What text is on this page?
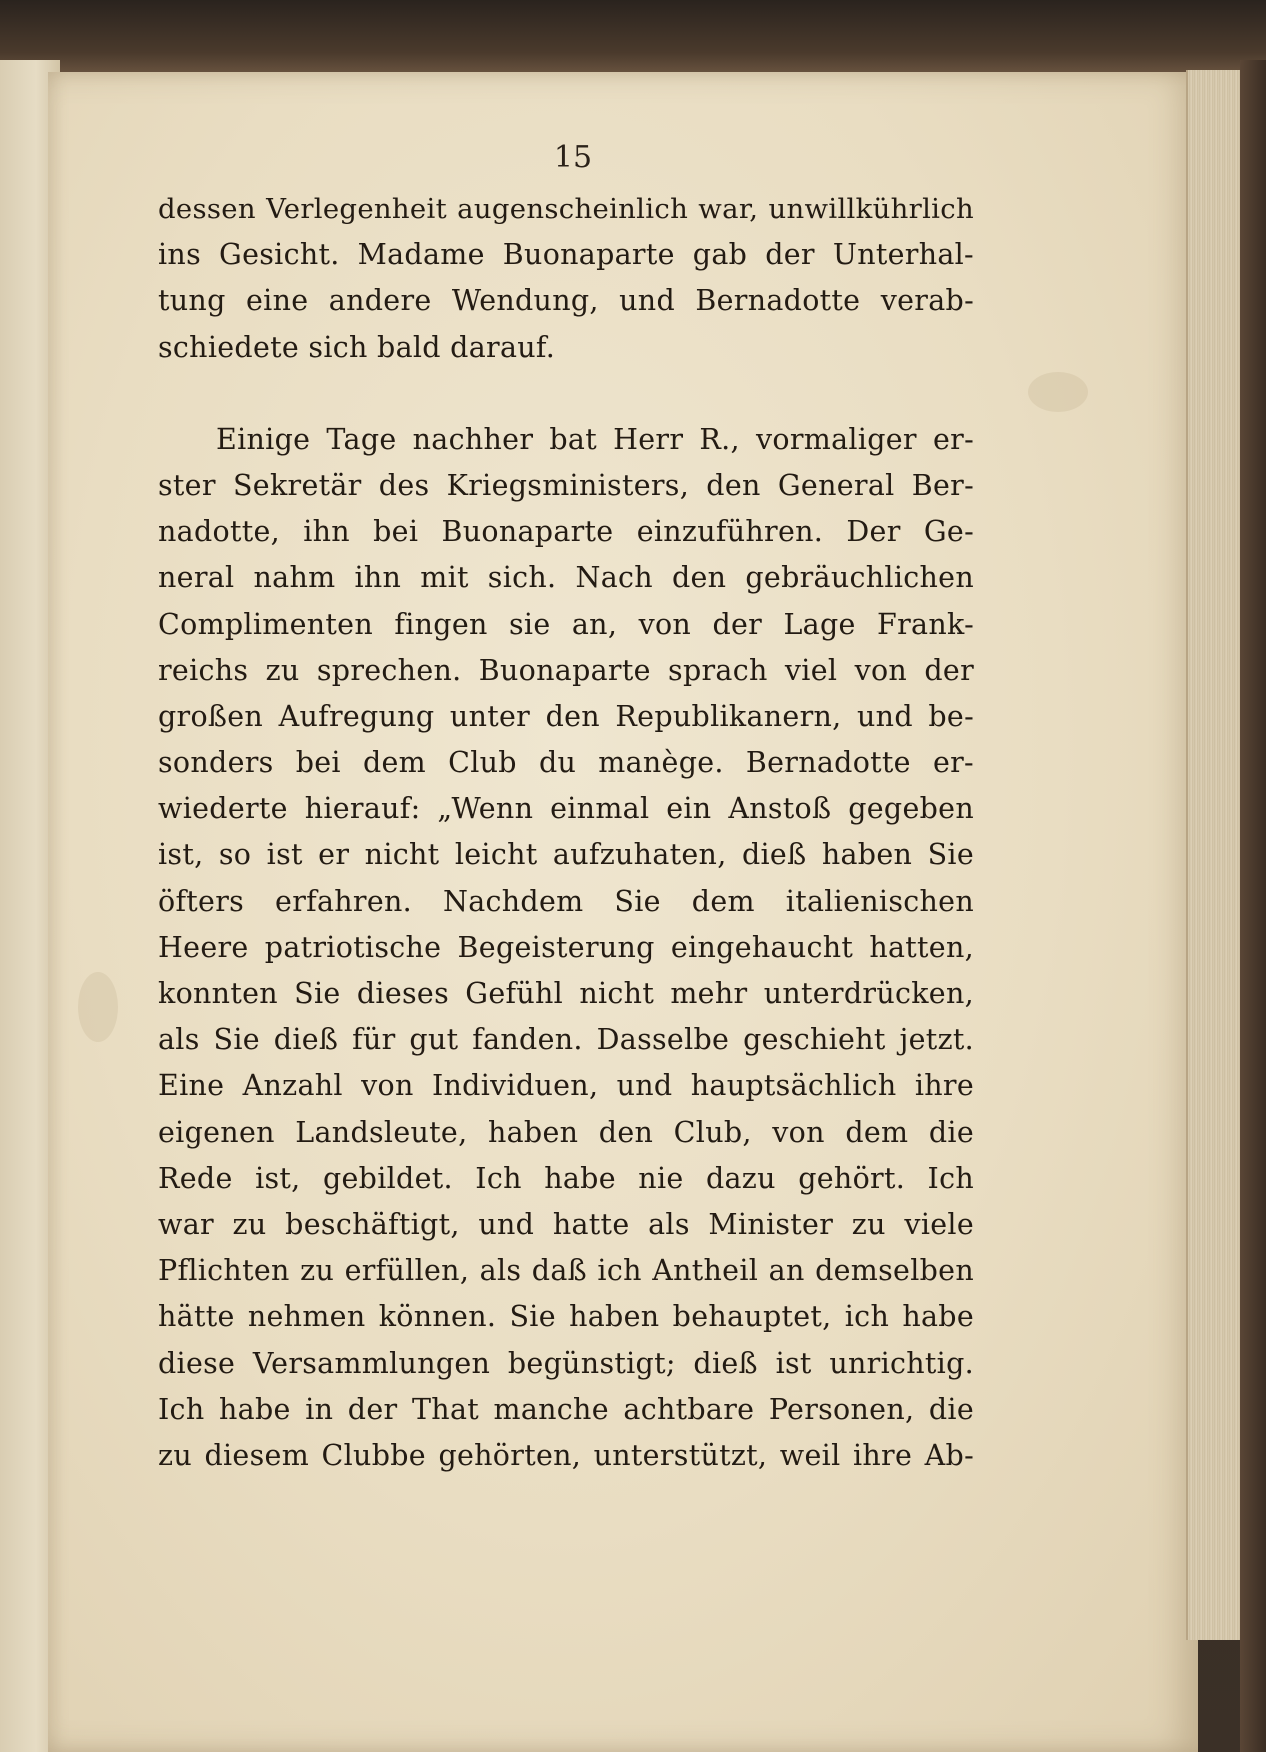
15
dessen Verlegenheit augenscheinlich war, unwillkührlich
ins Gesicht. Madame Buonaparte gab der Unterhal-
tung eine andere Wendung, und Bernadotte verab-
schiedete sich bald darauf.
Einige Tage nachher bat Herr R., vormaliger er-
ster Sekretär des Kriegsministers, den General Ber-
nadotte, ihn bei Buonaparte einzuführen. Der Ge-
neral nahm ihn mit sich. Nach den gebräuchlichen
Complimenten fingen sie an, von der Lage Frank-
reichs zu sprechen. Buonaparte sprach viel von der
großen Aufregung unter den Republikanern, und be-
sonders bei dem Club du manège. Bernadotte er-
wiederte hierauf: „Wenn einmal ein Anstoß gegeben
ist, so ist er nicht leicht aufzuhaten, dieß haben Sie
öfters erfahren. Nachdem Sie dem italienischen
Heere patriotische Begeisterung eingehaucht hatten,
konnten Sie dieses Gefühl nicht mehr unterdrücken,
als Sie dieß für gut fanden. Dasselbe geschieht jetzt.
Eine Anzahl von Individuen, und hauptsächlich ihre
eigenen Landsleute, haben den Club, von dem die
Rede ist, gebildet. Ich habe nie dazu gehört. Ich
war zu beschäftigt, und hatte als Minister zu viele
Pflichten zu erfüllen, als daß ich Antheil an demselben
hätte nehmen können. Sie haben behauptet, ich habe
diese Versammlungen begünstigt; dieß ist unrichtig.
Ich habe in der That manche achtbare Personen, die
zu diesem Clubbe gehörten, unterstützt, weil ihre Ab-
